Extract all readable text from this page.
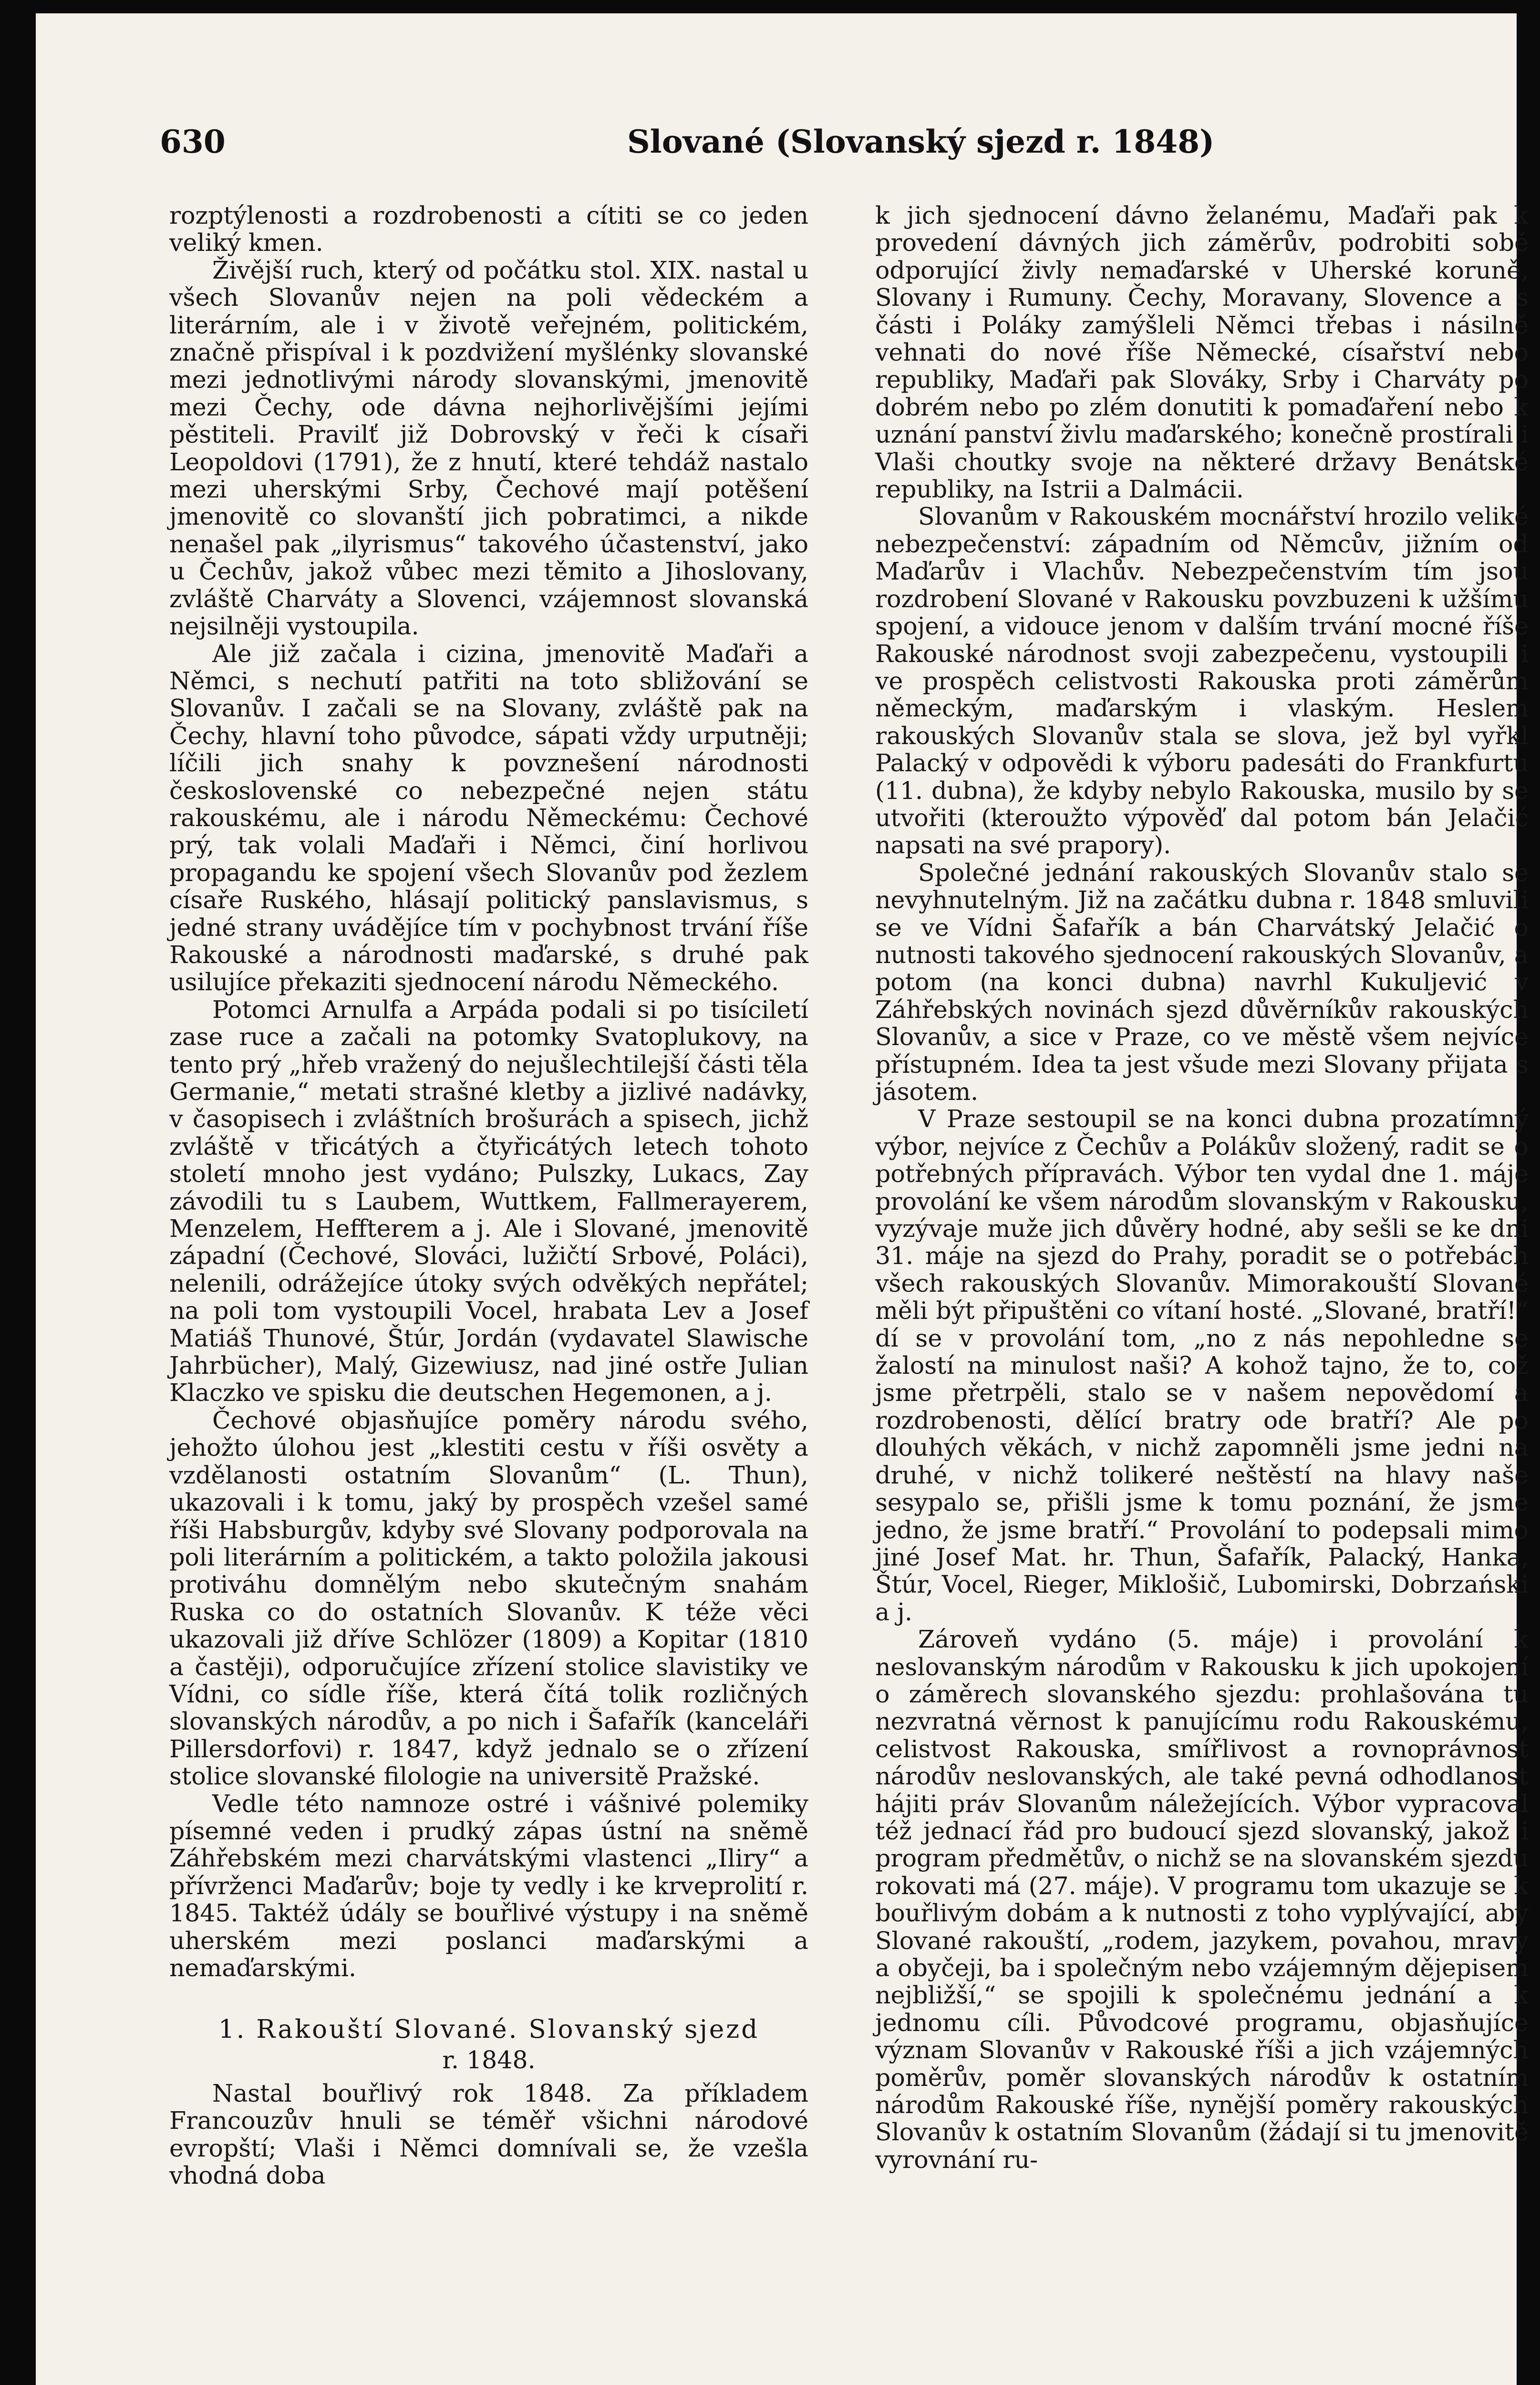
630	Slované (Slovanský sjezd r. 1848)

rozptýlenosti a rozdrobenosti a cítiti se co jeden veliký kmen.

Živější ruch, který od počátku stol. XIX. nastal u všech Slovanův nejen na poli vědeckém a literárním, ale i v životě veřejném, politickém, značně přispíval i k pozdvižení myšlénky slovanské mezi jednotlivými národy slovanskými, jmenovitě mezi Čechy, ode dávna nejhorlivějšími jejími pěstiteli. Pravilť již Dobrovský v řeči k císaři Leopoldovi (1791), že z hnutí, které tehdáž nastalo mezi uherskými Srby, Čechové mají potěšení jmenovitě co slovanští jich pobratimci, a nikde nenašel pak „ilyrismus“ takového účastenství, jako u Čechův, jakož vůbec mezi těmito a Jihoslovany, zvláště Charváty a Slovenci, vzájemnost slovanská nejsilněji vystoupila.

Ale již začala i cizina, jmenovitě Maďaři a Němci, s nechutí patřiti na toto sbližování se Slovanův. I začali se na Slovany, zvláště pak na Čechy, hlavní toho původce, sápati vždy urputněji; líčili jich snahy k povznešení národnosti československé co nebezpečné nejen státu rakouskému, ale i národu Německému: Čechové prý, tak volali Maďaři i Němci, činí horlivou propagandu ke spojení všech Slovanův pod žezlem císaře Ruského, hlásají politický panslavismus, s jedné strany uvádějíce tím v pochybnost trvání říše Rakouské a národnosti maďarské, s druhé pak usilujíce překaziti sjednocení národu Německého.

Potomci Arnulfa a Arpáda podali si po tisíciletí zase ruce a začali na potomky Svatoplukovy, na tento prý „hřeb vražený do nejušlechtilejší části těla Germanie,“ metati strašné kletby a jizlivé nadávky, v časopisech i zvláštních brošurách a spisech, jichž zvláště v třicátých a čtyřicátých letech tohoto století mnoho jest vydáno; Pulszky, Lukacs, Zay závodili tu s Laubem, Wuttkem, Fallmerayerem, Menzelem, Heffterem a j. Ale i Slované, jmenovitě západní (Čechové, Slováci, lužičtí Srbové, Poláci), nelenili, odrážejíce útoky svých odvěkých nepřátel; na poli tom vystoupili Vocel, hrabata Lev a Josef Matiáš Thunové, Štúr, Jordán (vydavatel Slawische Jahrbücher), Malý, Gizewiusz, nad jiné ostře Julian Klaczko ve spisku die deutschen Hegemonen, a j.

Čechové objasňujíce poměry národu svého, jehožto úlohou jest „klestiti cestu v říši osvěty a vzdělanosti ostatním Slovanům“ (L. Thun), ukazovali i k tomu, jaký by prospěch vzešel samé říši Habsburgův, kdyby své Slovany podporovala na poli literárním a politickém, a takto položila jakousi protiváhu domnělým nebo skutečným snahám Ruska co do ostatních Slovanův. K téže věci ukazovali již dříve Schlözer (1809) a Kopitar (1810 a častěji), odporučujíce zřízení stolice slavistiky ve Vídni, co sídle říše, která čítá tolik rozličných slovanských národův, a po nich i Šafařík (kanceláři Pillersdorfovi) r. 1847, když jednalo se o zřízení stolice slovanské filologie na universitě Pražské.

Vedle této namnoze ostré i vášnivé polemiky písemné veden i prudký zápas ústní na sněmě Záhřebském mezi charvátskými vlastenci „Iliry“ a přívrženci Maďarův; boje ty vedly i ke krveprolití r. 1845. Taktéž údály se bouřlivé výstupy i na sněmě uherském mezi poslanci maďarskými a nemaďarskými.

1. Rakouští Slované. Slovanský sjezd

r. 1848.

Nastal bouřlivý rok 1848. Za příkladem Francouzův hnuli se téměř všichni národové evropští; Vlaši i Němci domnívali se, že vzešla vhodná doba

k jich sjednocení dávno želanému, Maďaři pak k provedení dávných jich záměrův, podrobiti sobě odporující živly nemaďarské v Uherské koruně, Slovany i Rumuny. Čechy, Moravany, Slovence a s části i Poláky zamýšleli Němci třebas i násilně vehnati do nové říše Německé, císařství nebo republiky, Maďaři pak Slováky, Srby i Charváty po dobrém nebo po zlém donutiti k pomaďaření nebo k uznání panství živlu maďarského; konečně prostírali i Vlaši choutky svoje na některé državy Benátské republiky, na Istrii a Dalmácii.

Slovanům v Rakouském mocnářství hrozilo veliké nebezpečenství: západním od Němcův, jižním od Maďarův i Vlachův. Nebezpečenstvím tím jsou rozdrobení Slované v Rakousku povzbuzeni k užšímu spojení, a vidouce jenom v dalším trvání mocné říše Rakouské národnost svoji zabezpečenu, vystoupili i ve prospěch celistvosti Rakouska proti záměrům německým, maďarským i vlaským. Heslem rakouských Slovanův stala se slova, jež byl vyřkl Palacký v odpovědi k výboru padesáti do Frankfurtu (11. dubna), že kdyby nebylo Rakouska, musilo by se utvořiti (kteroužto výpověď dal potom bán Jelačić napsati na své prapory).

Společné jednání rakouských Slovanův stalo se nevyhnutelným. Již na začátku dubna r. 1848 smluvili se ve Vídni Šafařík a bán Charvátský Jelačić o nutnosti takového sjednocení rakouských Slovanův, a potom (na konci dubna) navrhl Kukuljević v Záhřebských novinách sjezd důvěrníkův rakouských Slovanův, a sice v Praze, co ve městě všem nejvíce přístupném. Idea ta jest všude mezi Slovany přijata s jásotem.

V Praze sestoupil se na konci dubna prozatímný výbor, nejvíce z Čechův a Polákův složený, radit se o potřebných přípravách. Výbor ten vydal dne 1. máje provolání ke všem národům slovanským v Rakousku, vyzývaje muže jich důvěry hodné, aby sešli se ke dni 31. máje na sjezd do Prahy, poradit se o potřebách všech rakouských Slovanův. Mimorakouští Slované měli být připuštěni co vítaní hosté. „Slované, bratří!“ dí se v provolání tom, „no z nás nepohledne se žalostí na minulost naši? A kohož tajno, že to, což jsme přetrpěli, stalo se v našem nepovědomí a rozdrobenosti, dělící bratry ode bratří? Ale po dlouhých věkách, v nichž zapomněli jsme jedni na druhé, v nichž tolikeré neštěstí na hlavy naše sesypalo se, přišli jsme k tomu poznání, že jsme jedno, že jsme bratří.“ Provolání to podepsali mimo jiné Josef Mat. hr. Thun, Šafařík, Palacký, Hanka, Štúr, Vocel, Rieger, Miklošič, Lubomirski, Dobrzański a j.

Zároveň vydáno (5. máje) i provolání k neslovanským národům v Rakousku k jich upokojení o záměrech slovanského sjezdu: prohlašována tu nezvratná věrnost k panujícímu rodu Rakouskému, celistvost Rakouska, smířlivost a rovnoprávnost národův neslovanských, ale také pevná odhodlanost hájiti práv Slovanům náležejících. Výbor vypracoval též jednací řád pro budoucí sjezd slovanský, jakož i program předmětův, o nichž se na slovanském sjezdu rokovati má (27. máje). V programu tom ukazuje se k bouřlivým dobám a k nutnosti z toho vyplývající, aby Slované rakouští, „rodem, jazykem, povahou, mravy a obyčeji, ba i společným nebo vzájemným dějepisem nejbližší,“ se spojili k společnému jednání a k jednomu cíli. Původcové programu, objasňujíce význam Slovanův v Rakouské říši a jich vzájemných poměrův, poměr slovanských národův k ostatním národům Rakouské říše, nynější poměry rakouských Slovanův k ostatním Slovanům (žádají si tu jmenovitě vyrovnání ru-
